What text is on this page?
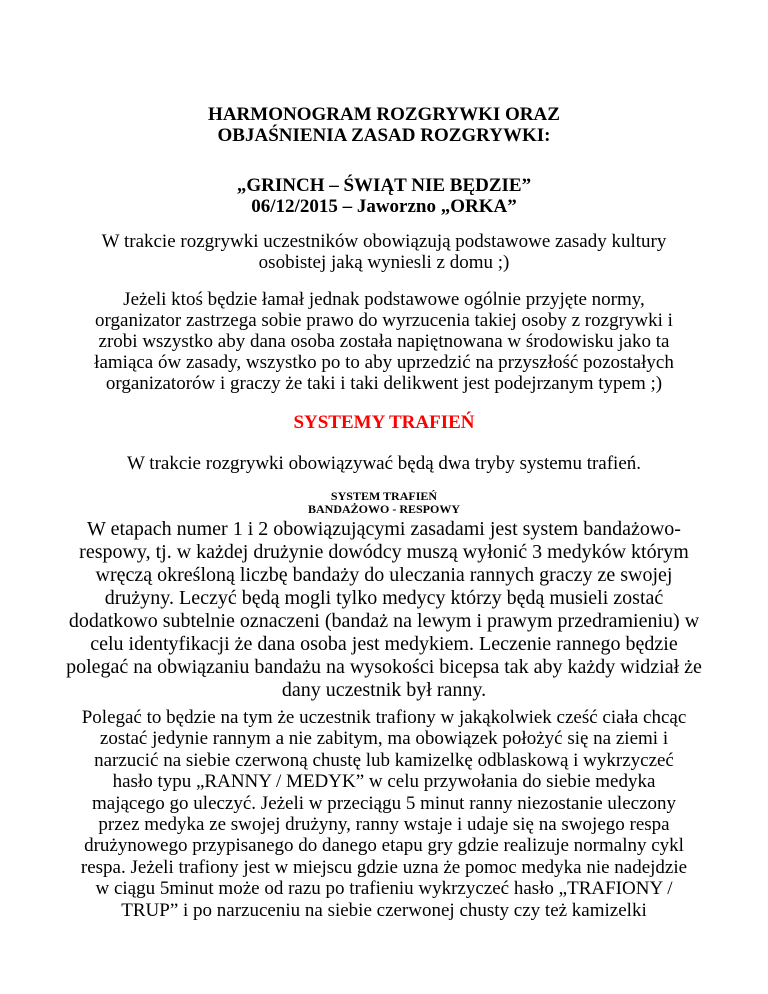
HARMONOGRAM ROZGRYWKI ORAZ
OBJAŚNIENIA ZASAD ROZGRYWKI:
„GRINCH – ŚWIĄT NIE BĘDZIE”
06/12/2015 – Jaworzno „ORKA”

W trakcie rozgrywki uczestników obowiązują podstawowe zasady kultury
osobistej jaką wyniesli z domu ;)

Jeżeli ktoś będzie łamał jednak podstawowe ogólnie przyjęte normy,
organizator zastrzega sobie prawo do wyrzucenia takiej osoby z rozgrywki i
zrobi wszystko aby dana osoba została napiętnowana w środowisku jako ta
łamiąca ów zasady, wszystko po to aby uprzedzić na przyszłość pozostałych
organizatorów i graczy że taki i taki delikwent jest podejrzanym typem ;)

SYSTEMY TRAFIEŃ

W trakcie rozgrywki obowiązywać będą dwa tryby systemu trafień.

SYSTEM TRAFIEŃ
BANDAŻOWO - RESPOWY

W etapach numer 1 i 2 obowiązującymi zasadami jest system bandażowo-
respowy, tj. w każdej drużynie dowódcy muszą wyłonić 3 medyków którym
wręczą określoną liczbę bandaży do uleczania rannych graczy ze swojej
drużyny. Leczyć będą mogli tylko medycy którzy będą musieli zostać
dodatkowo subtelnie oznaczeni (bandaż na lewym i prawym przedramieniu) w
celu identyfikacji że dana osoba jest medykiem. Leczenie rannego będzie
polegać na obwiązaniu bandażu na wysokości bicepsa tak aby każdy widział że
dany uczestnik był ranny.

Polegać to będzie na tym że uczestnik trafiony w jakąkolwiek cześć ciała chcąc
zostać jedynie rannym a nie zabitym, ma obowiązek położyć się na ziemi i
narzucić na siebie czerwoną chustę lub kamizelkę odblaskową i wykrzyczeć
hasło typu „RANNY / MEDYK” w celu przywołania do siebie medyka
mającego go uleczyć. Jeżeli w przeciągu 5 minut ranny niezostanie uleczony
przez medyka ze swojej drużyny, ranny wstaje i udaje się na swojego respa
drużynowego przypisanego do danego etapu gry gdzie realizuje normalny cykl
respa. Jeżeli trafiony jest w miejscu gdzie uzna że pomoc medyka nie nadejdzie
w ciągu 5minut może od razu po trafieniu wykrzyczeć hasło „TRAFIONY /
TRUP” i po narzuceniu na siebie czerwonej chusty czy też kamizelki
